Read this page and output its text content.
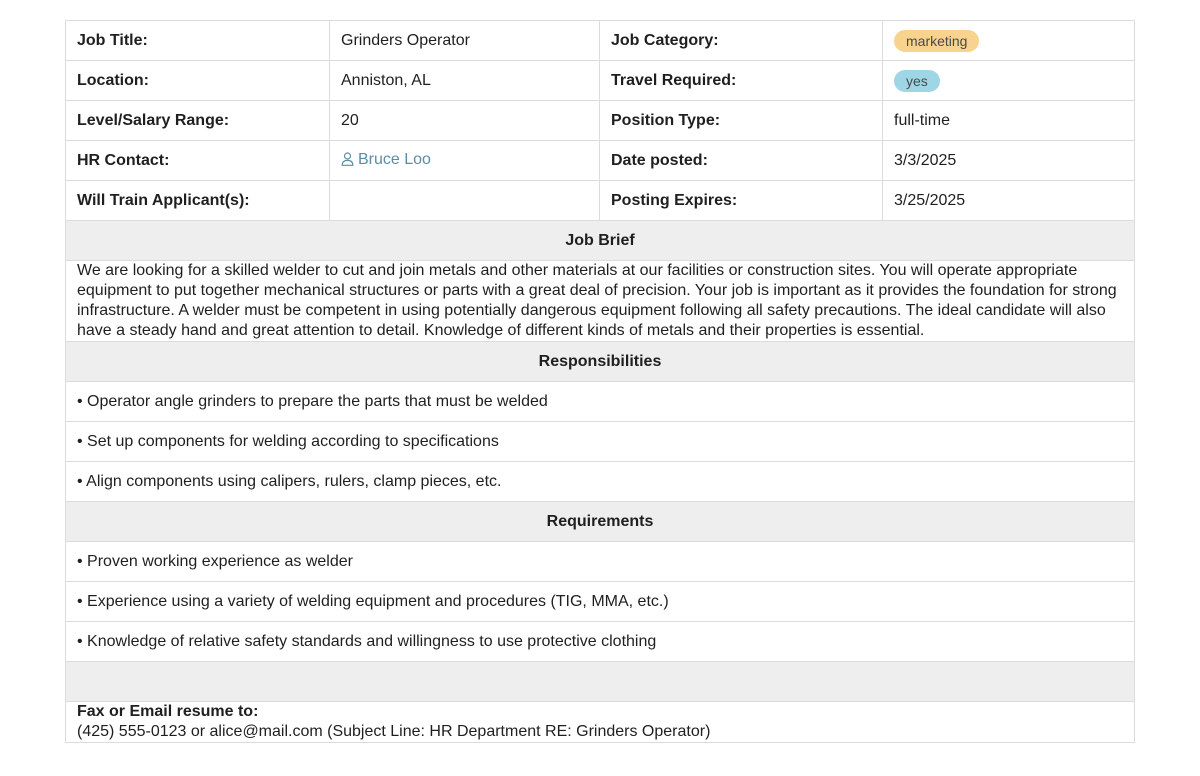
Job Title:	Grinders Operator	Job Category:	marketing
Location:	Anniston, AL	Travel Required:	yes
Level/Salary Range:	20	Position Type:	full-time
HR Contact:	Bruce Loo	Date posted:	3/3/2025
Will Train Applicant(s):		Posting Expires:	3/25/2025
Job Brief			
We are looking for a skilled welder to cut and join metals and other materials at our facilities or construction sites. You will operate appropriate equipment to put together mechanical structures or parts with a great deal of precision. Your job is important as it provides the foundation for strong infrastructure. A welder must be competent in using potentially dangerous equipment following all safety precautions. The ideal candidate will also have a steady hand and great attention to detail. Knowledge of different kinds of metals and their properties is essential.			
Responsibilities			
• Operator angle grinders to prepare the parts that must be welded			
• Set up components for welding according to specifications			
• Align components using calipers, rulers, clamp pieces, etc.			
Requirements			
• Proven working experience as welder			
• Experience using a variety of welding equipment and procedures (TIG, MMA, etc.)			
• Knowledge of relative safety standards and willingness to use protective clothing			

Fax or Email resume to:
(425) 555-0123 or alice@mail.com (Subject Line: HR Department RE: Grinders Operator)			
